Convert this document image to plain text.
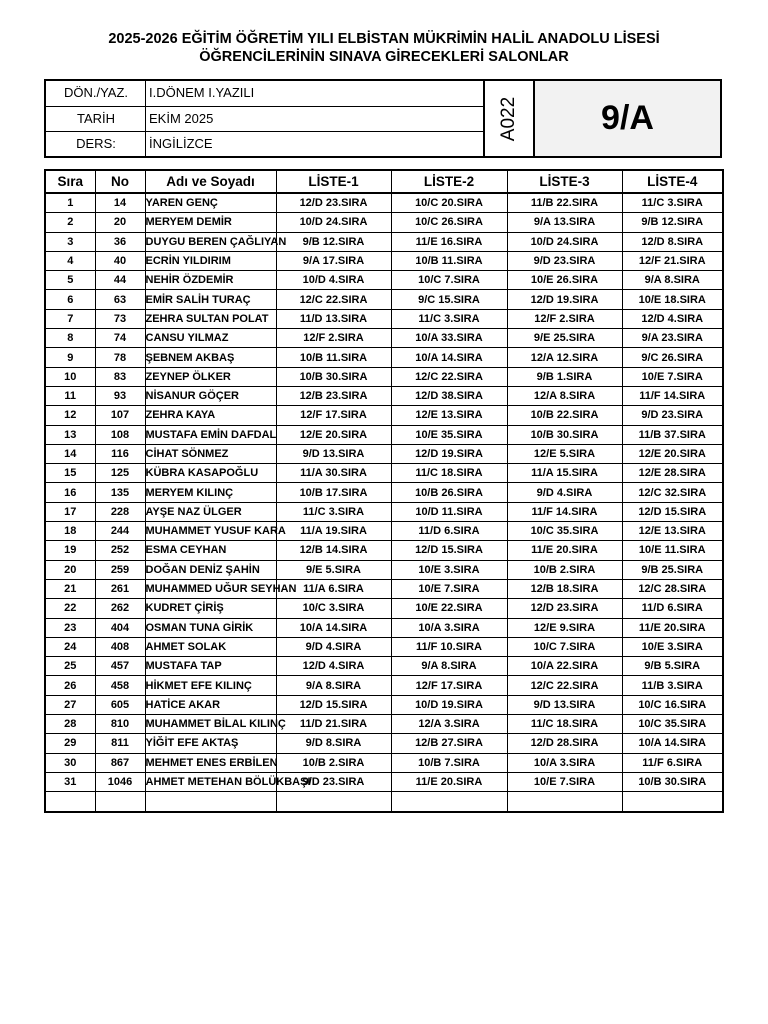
2025-2026 EĞİTİM ÖĞRETİM YILI ELBİSTAN MÜKRİMİN HALİL ANADOLU LİSESİ
ÖĞRENCİLERİNİN SINAVA GİRECEKLERİ SALONLAR
DÖN./YAZ.	I.DÖNEM I.YAZILI
TARİH	EKİM 2025
DERS:	İNGİLİZCE
A022	9/A
Sıra	No	Adı ve Soyadı	LİSTE-1	LİSTE-2	LİSTE-3	LİSTE-4
1	14	YAREN GENÇ	12/D 23.SIRA	10/C 20.SIRA	11/B 22.SIRA	11/C 3.SIRA
2	20	MERYEM DEMİR	10/D 24.SIRA	10/C 26.SIRA	9/A 13.SIRA	9/B 12.SIRA
3	36	DUYGU BEREN ÇAĞLIYAN	9/B 12.SIRA	11/E 16.SIRA	10/D 24.SIRA	12/D 8.SIRA
4	40	ECRİN YILDIRIM	9/A 17.SIRA	10/B 11.SIRA	9/D 23.SIRA	12/F 21.SIRA
5	44	NEHİR ÖZDEMİR	10/D 4.SIRA	10/C 7.SIRA	10/E 26.SIRA	9/A 8.SIRA
6	63	EMİR SALİH TURAÇ	12/C 22.SIRA	9/C 15.SIRA	12/D 19.SIRA	10/E 18.SIRA
7	73	ZEHRA SULTAN POLAT	11/D 13.SIRA	11/C 3.SIRA	12/F 2.SIRA	12/D 4.SIRA
8	74	CANSU YILMAZ	12/F 2.SIRA	10/A 33.SIRA	9/E 25.SIRA	9/A 23.SIRA
9	78	ŞEBNEM AKBAŞ	10/B 11.SIRA	10/A 14.SIRA	12/A 12.SIRA	9/C 26.SIRA
10	83	ZEYNEP ÖLKER	10/B 30.SIRA	12/C 22.SIRA	9/B 1.SIRA	10/E 7.SIRA
11	93	NİSANUR GÖÇER	12/B 23.SIRA	12/D 38.SIRA	12/A 8.SIRA	11/F 14.SIRA
12	107	ZEHRA KAYA	12/F 17.SIRA	12/E 13.SIRA	10/B 22.SIRA	9/D 23.SIRA
13	108	MUSTAFA EMİN DAFDAL	12/E 20.SIRA	10/E 35.SIRA	10/B 30.SIRA	11/B 37.SIRA
14	116	CİHAT SÖNMEZ	9/D 13.SIRA	12/D 19.SIRA	12/E 5.SIRA	12/E 20.SIRA
15	125	KÜBRA KASAPOĞLU	11/A 30.SIRA	11/C 18.SIRA	11/A 15.SIRA	12/E 28.SIRA
16	135	MERYEM KILINÇ	10/B 17.SIRA	10/B 26.SIRA	9/D 4.SIRA	12/C 32.SIRA
17	228	AYŞE NAZ ÜLGER	11/C 3.SIRA	10/D 11.SIRA	11/F 14.SIRA	12/D 15.SIRA
18	244	MUHAMMET YUSUF KARA	11/A 19.SIRA	11/D 6.SIRA	10/C 35.SIRA	12/E 13.SIRA
19	252	ESMA CEYHAN	12/B 14.SIRA	12/D 15.SIRA	11/E 20.SIRA	10/E 11.SIRA
20	259	DOĞAN DENİZ ŞAHİN	9/E 5.SIRA	10/E 3.SIRA	10/B 2.SIRA	9/B 25.SIRA
21	261	MUHAMMED UĞUR SEYHAN	11/A 6.SIRA	10/E 7.SIRA	12/B 18.SIRA	12/C 28.SIRA
22	262	KUDRET ÇİRİŞ	10/C 3.SIRA	10/E 22.SIRA	12/D 23.SIRA	11/D 6.SIRA
23	404	OSMAN TUNA GİRİK	10/A 14.SIRA	10/A 3.SIRA	12/E 9.SIRA	11/E 20.SIRA
24	408	AHMET SOLAK	9/D 4.SIRA	11/F 10.SIRA	10/C 7.SIRA	10/E 3.SIRA
25	457	MUSTAFA TAP	12/D 4.SIRA	9/A 8.SIRA	10/A 22.SIRA	9/B 5.SIRA
26	458	HİKMET EFE KILINÇ	9/A 8.SIRA	12/F 17.SIRA	12/C 22.SIRA	11/B 3.SIRA
27	605	HATİCE AKAR	12/D 15.SIRA	10/D 19.SIRA	9/D 13.SIRA	10/C 16.SIRA
28	810	MUHAMMET BİLAL KILINÇ	11/D 21.SIRA	12/A 3.SIRA	11/C 18.SIRA	10/C 35.SIRA
29	811	YİĞİT EFE AKTAŞ	9/D 8.SIRA	12/B 27.SIRA	12/D 28.SIRA	10/A 14.SIRA
30	867	MEHMET ENES ERBİLEN	10/B 2.SIRA	10/B 7.SIRA	10/A 3.SIRA	11/F 6.SIRA
31	1046	AHMET METEHAN BÖLÜKBAŞI	9/D 23.SIRA	11/E 20.SIRA	10/E 7.SIRA	10/B 30.SIRA
